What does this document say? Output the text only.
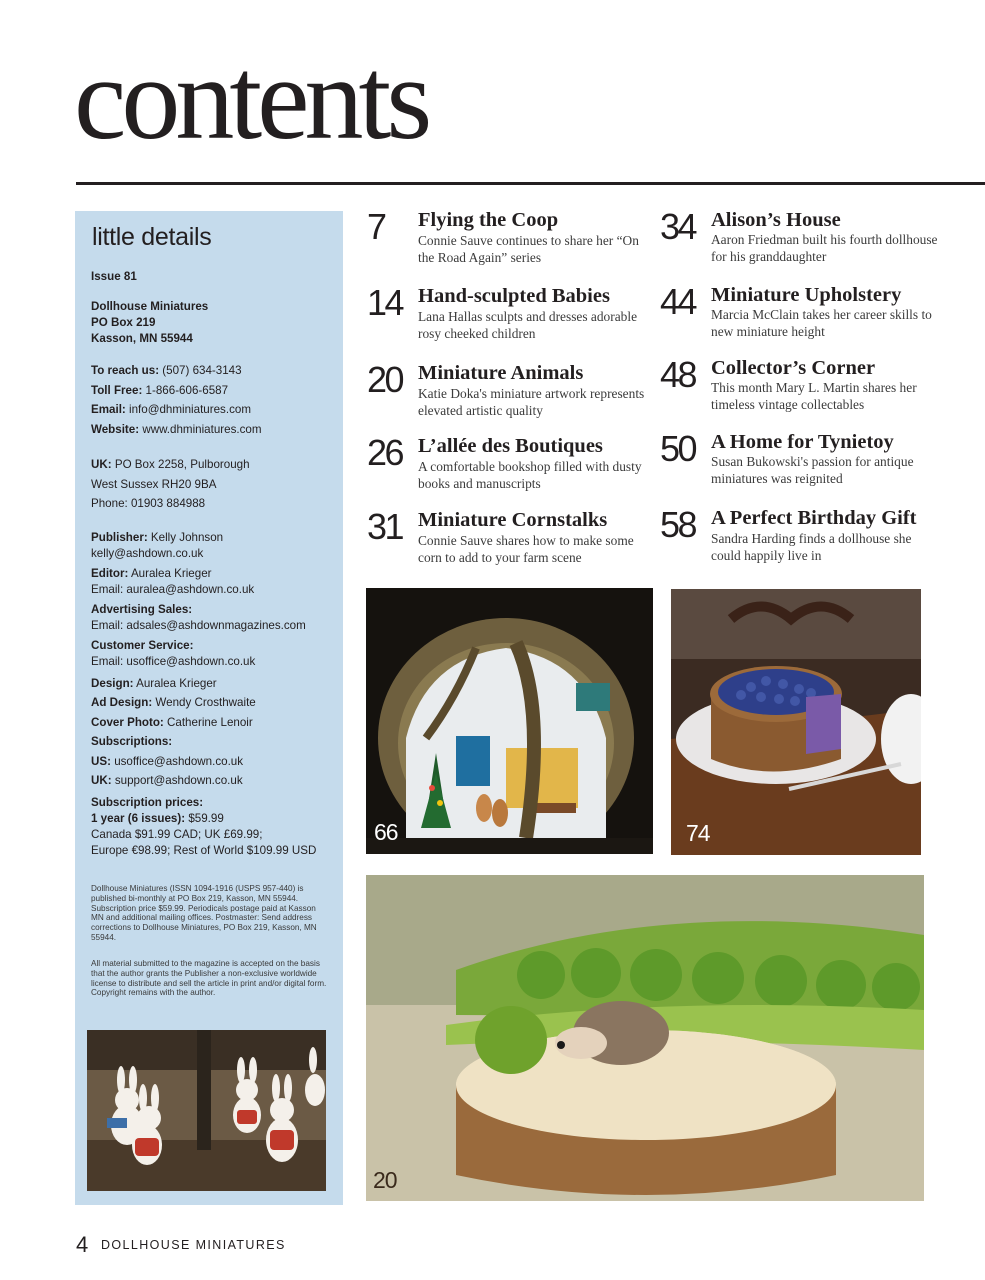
contents
little details
Issue 81
Dollhouse Miniatures
PO Box 219
Kasson, MN 55944
To reach us: (507) 634-3143
Toll Free: 1-866-606-6587
Email: info@dhminiatures.com
Website: www.dhminiatures.com
UK: PO Box 2258, Pulborough
West Sussex RH20 9BA
Phone: 01903 884988
Publisher: Kelly Johnson
kelly@ashdown.co.uk
Editor: Auralea Krieger
Email: auralea@ashdown.co.uk
Advertising Sales:
Email: adsales@ashdownmagazines.com
Customer Service:
Email: usoffice@ashdown.co.uk
Design: Auralea Krieger
Ad Design: Wendy Crosthwaite
Cover Photo: Catherine Lenoir
Subscriptions:
US: usoffice@ashdown.co.uk
UK: support@ashdown.co.uk
Subscription prices:
1 year (6 issues): $59.99
Canada $91.99 CAD; UK £69.99;
Europe €98.99; Rest of World $109.99 USD
Dollhouse Miniatures (ISSN 1094-1916 (USPS 957-440) is published bi-monthly at PO Box 219, Kasson, MN 55944. Subscription price $59.99. Periodicals postage paid at Kasson MN and additional mailing offices. Postmaster: Send address corrections to Dollhouse Miniatures, PO Box 219, Kasson, MN 55944.
All material submitted to the magazine is accepted on the basis that the author grants the Publisher a non-exclusive worldwide license to distribute and sell the article in print and/or digital form. Copyright remains with the author.
7 Flying the Coop
Connie Sauve continues to share her “On the Road Again” series
14 Hand-sculpted Babies
Lana Hallas sculpts and dresses adorable rosy cheeked children
20 Miniature Animals
Katie Doka's miniature artwork represents elevated artistic quality
26 L’allée des Boutiques
A comfortable bookshop filled with dusty books and manuscripts
31 Miniature Cornstalks
Connie Sauve shares how to make some corn to add to your farm scene
34 Alison’s House
Aaron Friedman built his fourth dollhouse for his granddaughter
44 Miniature Upholstery
Marcia McClain takes her career skills to new miniature height
48 Collector’s Corner
This month Mary L. Martin shares her timeless vintage collectables
50 A Home for Tynietoy
Susan Bukowski's passion for antique miniatures was reignited
58 A Perfect Birthday Gift
Sandra Harding finds a dollhouse she could happily live in
66	74
20
4 DOLLHOUSE MINIATURES
